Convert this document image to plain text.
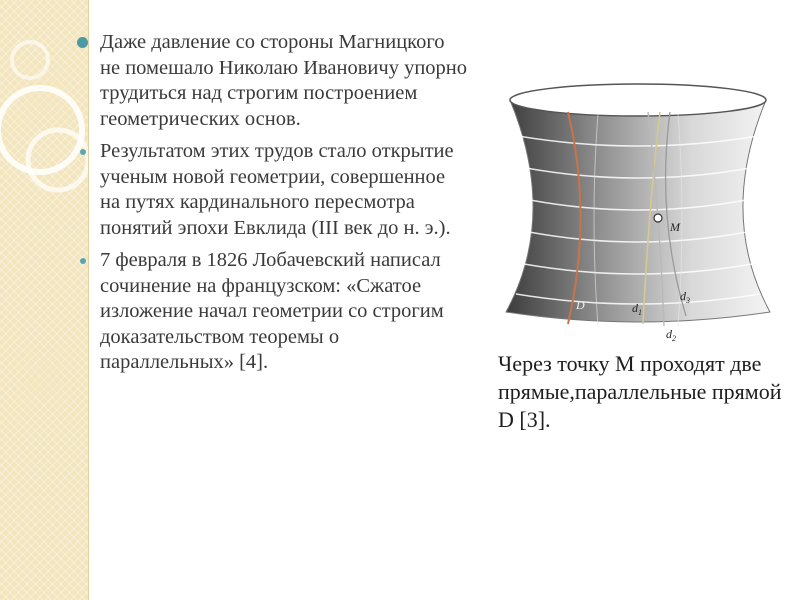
Даже давление со стороны Магницкого не помешало Николаю Ивановичу упорно трудиться над строгим построением геометрических основ.
Результатом этих трудов стало открытие ученым новой геометрии, совершенное на путях кардинального пересмотра понятий эпохи Евклида (III век до н. э.).
7 февраля в 1826 Лобачевский написал сочинение на французском: «Сжатое изложение начал геометрии со строгим доказательством теоремы о параллельных» [4].
M
D	$d_1$
$d_3$
$d_2$
Через точку M проходят две прямые,параллельные прямой D [3].
